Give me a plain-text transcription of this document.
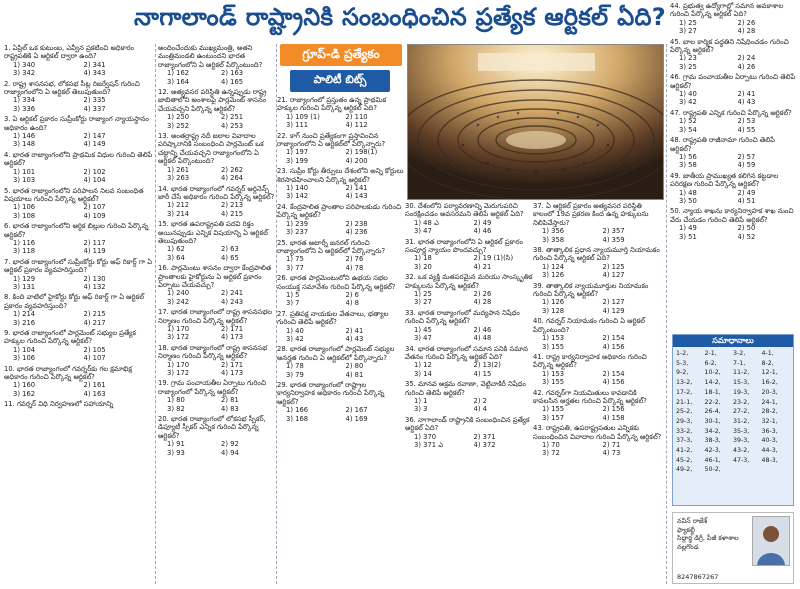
నాగాలాండ్ రాష్ట్రానికి సంబంధించిన ప్రత్యేక ఆర్టికల్ ఏది?
గ్రూప్-డి ప్రత్యేకం
పాలిటీ బిట్స్
1. ఏప్రిల్ ఒక కుటుంబ, ఎవ్వీన ప్రకటించి అధికారం రాష్ట్రపతికి ఏ ఆర్టికల్ ద్వారా ఉంది?
1) 340	2) 341
3) 342	4) 343
2. రాష్ట్ర శాసనసభ, లోకసభ సీట్ల రిజర్వేషన్ గురించి రాజ్యాంగంలోని ఏ ఆర్టికల్ తెలుపుతుంది?
1) 334	2) 335
3) 336	4) 337
3. ఏ ఆర్టికల్ ప్రకారం సుప్రీంకోర్టు రాజ్యాంగ న్యాయస్థానం అధికారం ఉంది?
1) 146	2) 147
3) 148	4) 149
4. భారత రాజ్యాంగంలోని ప్రాథమిక విధుల గురించి తెలిపే ఆర్టికల్?
1) 101	2) 102
3) 103	4) 104
5. భారత రాజ్యాంగంలోని పరిపాలన నిలవ సంబంధిత విషయాలు గురించి పేర్కొన్న ఆర్టికల్?
1) 106	2) 107
3) 108	4) 109
6. భారత రాజ్యాంగంలోని ఆర్థిక బిల్లుల గురించి పేర్కొన్న ఆర్టికల్?
1) 116	2) 117
3) 118	4) 119
7. భారత రాజ్యాంగంలో సుప్రీంకోర్టు కోర్టు ఆఫ్ రికార్డ్ గా ఏ ఆర్టికల్ ప్రకారం వ్యవహరిస్తుంది?
1) 129	2) 130
3) 131	4) 132
8. కింది వాటిలో హైకోర్టు కోర్టు ఆఫ్ రికార్డ్ గా ఏ ఆర్టికల్ ప్రకారం వ్యవహరిస్తుంది?
1) 214	2) 215
3) 216	4) 217
9. భారత రాజ్యాంగంలో పార్లమెంట్ సభ్యుల ప్రత్యేక హక్కుల గురించి పేర్కొన్న ఆర్టికల్?
1) 104	2) 105
3) 106	4) 107
10. భారత రాజ్యాంగంలో గవర్నర్‌కు గల క్షమాభిక్ష అధికారం గురించి పేర్కొన్న ఆర్టికల్?
1) 160	2) 161
3) 162	4) 163
11. గవర్నర్ విధి నిర్వహణలో సహాయాన్ని
అందించేందుకు ముఖ్యమంత్రి, అతని మంత్రిమండలి ఉంటుందని భారత రాజ్యాంగంలోని ఏ ఆర్టికల్ పేర్కొంటుంది?
1) 162	2) 163
3) 164	4) 165
12. అత్యవసర పరిస్థితి ఉన్నప్పుడు రాష్ట్ర జాబితాలోని అంశాలపై పార్లమెంట్ శాసనం చేయవచ్చని పేర్కొన్న ఆర్టికల్?
1) 250	2) 251
3) 252	4) 253
13. అంతర్రాష్ట్ర నదీ జలాల వివాదాల పరిష్కారానికి సంబంధించి పార్లమెంట్ ఒక చట్టాన్ని చేయవచ్చని రాజ్యాంగంలోని ఏ ఆర్టికల్ పేర్కొంటుంది?
1) 261	2) 262
3) 263	4) 264
14. భారత రాజ్యాంగంలో గవర్నర్ ఆర్డినెన్స్ జారీ చేసే అధికారం గురించి పేర్కొన్న ఆర్టికల్?
1) 212	2) 213
3) 214	4) 215
15. భారత ఉపరాష్ట్రపతి పదవి రిక్తం అయినప్పుడు ఎన్నిక విషయాన్ని ఏ ఆర్టికల్ తెలుపుతుంది?
1) 62	2) 63
3) 64	4) 65
16. పార్లమెంటు శాసనం ద్వారా కేంద్రపాలిత ప్రాంతాలకు హైకోర్టును ఏ ఆర్టికల్ ప్రకారం ఏర్పాటు చేయవచ్చు?
1) 240	2) 241
3) 242	4) 243
17. భారత రాజ్యాంగంలో రాష్ట్ర శాసనసభల నిర్మాణం గురించి పేర్కొన్న ఆర్టికల్?
1) 170	2) 171
3) 172	4) 173
18. భారత రాజ్యాంగంలో రాష్ట్ర శాసనసభ నిర్మాణం గురించి పేర్కొన్న ఆర్టికల్?
1) 170	2) 171
3) 172	4) 173
19. గ్రామ పంచాయతీల ఏర్పాటు గురించి రాజ్యాంగంలో పేర్కొన్న ఆర్టికల్?
1) 80	2) 81
3) 82	4) 83
20. భారత రాజ్యాంగంలో లోకసభ స్పీకర్, డిప్యూటీ స్పీకర్ ఎన్నిక గురించి పేర్కొన్న ఆర్టికల్?
1) 91	2) 92
3) 93	4) 94
21. రాజ్యాంగంలో ప్రస్తుతం ఉన్న ప్రాథమిక హక్కుల గురించి పేర్కొన్న ఆర్టికల్ ఏది?
1) 109 (1)	2) 110
3) 111	4) 112
22. కాగ్ నుంచి ప్రత్యేకంగా ప్రస్తావించిన రాజ్యాంగంలోని ఏ ఆర్టికల్‌లో పేర్కొన్నారు?
1) 197	2) 198(1)
3) 199	4) 200
23. సుప్రీం కోర్టు తీర్పులు దేశంలోని అన్ని కోర్టులు శిరసావహించాలని పేర్కొన్న ఆర్టికల్?
1) 140	2) 141
3) 142	4) 143
24. కేంద్రపాలిత ప్రాంతాల పరిపాలకుడు గురించి పేర్కొన్న ఆర్టికల్?
1) 239	2) 238
3) 237	4) 236
25. భారత అటార్నీ జనరల్ గురించి రాజ్యాంగంలోని ఏ ఆర్టికల్‌లో పేర్కొన్నారు?
1) 75	2) 76
3) 77	4) 78
26. భారత పార్లమెంటులోని ఉభయ సభల సంయుక్త సమావేశం గురించి పేర్కొన్న ఆర్టికల్?
1) 5	2) 6
3) 7	4) 8
27. ప్రతిపక్ష నాయకుల వేతనాలు, భత్యాల గురించి తెలిపే ఆర్టికల్?
1) 40	2) 41
3) 42	4) 43
28. భారత రాజ్యాంగంలో పార్లమెంట్ సభ్యుల అనర్హత గురించి ఏ ఆర్టికల్‌లో పేర్కొన్నారు?
1) 78	2) 80
3) 79	4) 81
29. భారత రాజ్యాంగంలో రాష్ట్రాల కార్యనిర్వాహక అధికారం గురించి పేర్కొన్న ఆర్టికల్?
1) 166	2) 167
3) 168	4) 169
30. దేశంలోని పర్యావరణాన్ని మెరుగుపరిచి సంరక్షించడం అవసరమని తెలిపే ఆర్టికల్ ఏది?
1) 48 ఎ	2) 49
3) 47	4) 46
31. భారత రాజ్యాంగంలోని ఏ ఆర్టికల్ ప్రకారం సంపూర్ణ న్యాయం పొందవచ్చు?
1) 18	2) 19 (1)(సి)
3) 20	4) 21
32. ఒక వ్యక్తి మతపరమైన మరియు సాంస్కృతిక హక్కులను పేర్కొన్న ఆర్టికల్?
1) 25	2) 26
3) 27	4) 28
33. భారత రాజ్యాంగంలో మద్యపాన నిషేధం గురించి పేర్కొన్న ఆర్టికల్?
1) 45	2) 46
3) 47	4) 48
34. భారత రాజ్యాంగంలో సమాన పనికి సమాన వేతనం గురించి పేర్కొన్న ఆర్టికల్ ఏది?
1) 12	2) 13(2)
3) 14	4) 15
35. మానవ అక్రమ రవాణా, వెట్టిచాకిరీ నిషేధం గురించి తెలిపే ఆర్టికల్?
1) 1	2) 2
3) 3	4) 4
36. నాగాలాండ్ రాష్ట్రానికి సంబంధించిన ప్రత్యేక ఆర్టికల్ ఏది?
1) 370	2) 371
3) 371 ఎ	4) 372
37. ఏ ఆర్టికల్ ప్రకారం అత్యవసర పరిస్థితి కాలంలో 19వ ప్రకరణ కింద ఉన్న హక్కులను నిలిపివేస్తారు?
1) 356	2) 357
3) 358	4) 359
38. తాత్కాలిక ప్రధాన న్యాయమూర్తి నియామకం గురించి పేర్కొన్న ఆర్టికల్ ఏది?
1) 124	2) 125
3) 126	4) 127
39. తాత్కాలిక న్యాయమూర్తుల నియామకం గురించి పేర్కొన్న ఆర్టికల్?
1) 126	2) 127
3) 128	4) 129
40. గవర్నర్ నియామకం గురించి ఏ ఆర్టికల్ పేర్కొంటుంది?
1) 153	2) 154
3) 155	4) 156
41. రాష్ట్ర కార్యనిర్వాహక అధికారం గురించి పేర్కొన్న ఆర్టికల్?
1) 153	2) 154
3) 155	4) 156
42. గవర్నర్‌గా నియమితులు కావడానికి కావలసిన అర్హతల గురించి పేర్కొన్న ఆర్టికల్?
1) 155	2) 156
3) 157	4) 158
43. రాష్ట్రపతి, ఉపరాష్ట్రపతుల ఎన్నికకు సంబంధించిన వివాదాల గురించి పేర్కొన్న ఆర్టికల్?
1) 70	2) 71
3) 72	4) 73
44. ప్రభుత్వ ఉద్యోగాల్లో సమాన అవకాశాల గురించి పేర్కొన్న ఆర్టికల్ ఏది?
1) 25	2) 26
3) 27	4) 28
45. బాల కార్మిక పద్ధతిని నిషేధించడం గురించి పేర్కొన్న ఆర్టికల్?
1) 23	2) 24
3) 25	4) 26
46. గ్రామ పంచాయతీల ఏర్పాటు గురించి తెలిపే ఆర్టికల్?
1) 40	2) 41
3) 42	4) 43
47. రాష్ట్రపతి ఎన్నిక గురించి పేర్కొన్న ఆర్టికల్?
1) 52	2) 53
3) 54	4) 55
48. రాష్ట్రపతి రాజీనామా గురించి తెలిపే ఆర్టికల్?
1) 56	2) 57
3) 58	4) 59
49. జాతీయ ప్రాముఖ్యత కలిగిన కట్టడాల పరిరక్షణ గురించి పేర్కొన్న ఆర్టికల్?
1) 48	2) 49
3) 50	4) 51
50. న్యాయ శాఖను కార్యనిర్వాహక శాఖ నుంచి వేరు చేయడం గురించి తెలిపే ఆర్టికల్?
1) 49	2) 50
3) 51	4) 52
సమాధానాలు
1-2,	2-1,	3-2,	4-1,
5-3,	6-2,	7-1,	8-2,
9-2,	10-2,	11-2,	12-1,
13-2,	14-2,	15-3,	16-2,
17-2,	18-1,	19-3,	20-3,
21-1,	22-2,	23-2,	24-1,
25-2,	26-4,	27-2,	28-2,
29-3,	30-1,	31-2,	32-1,
33-2,	34-2,	35-3,	36-3,
37-3,	38-3,	39-3,	40-3,
41-2,	42-3,	43-2,	44-3,
45-2,	46-1,	47-3,	48-3,
49-2,	50-2,
నవీన్ రాజేశ్
ఫ్యాకల్టీ
సిద్దార్థ డిగ్రీ, పీజీ కళాశాల నల్లగొండ
8247867267
